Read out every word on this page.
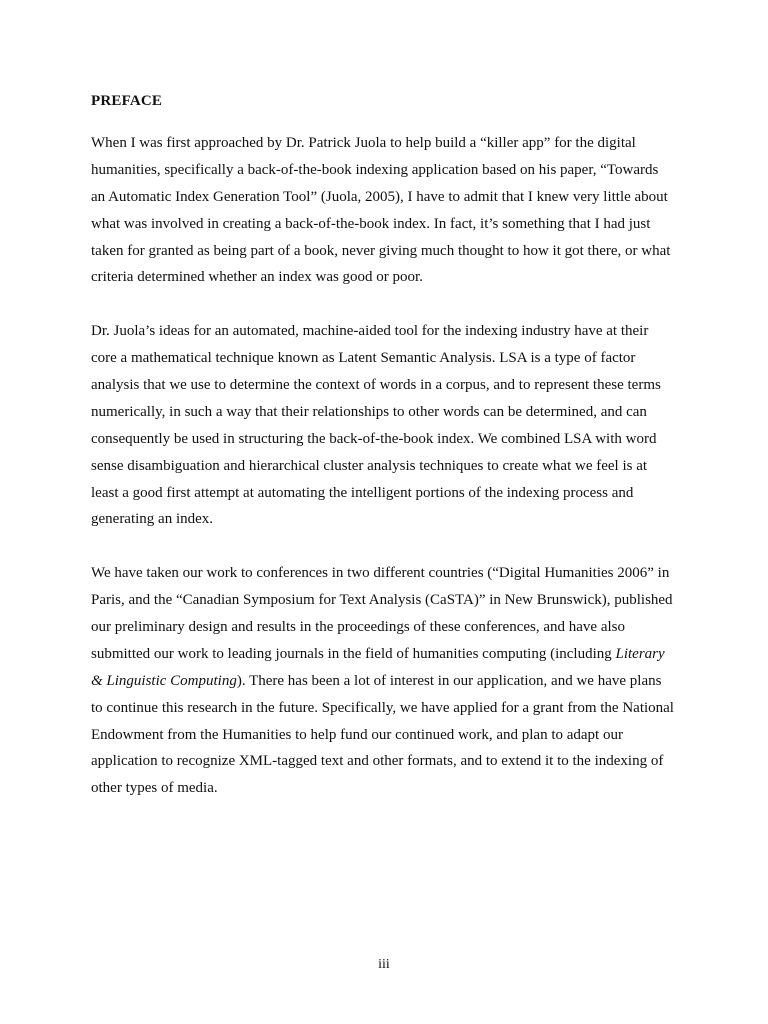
PREFACE
When I was first approached by Dr. Patrick Juola to help build a “killer app” for the digital
humanities, specifically a back-of-the-book indexing application based on his paper, “Towards
an Automatic Index Generation Tool” (Juola, 2005), I have to admit that I knew very little about
what was involved in creating a back-of-the-book index. In fact, it’s something that I had just
taken for granted as being part of a book, never giving much thought to how it got there, or what
criteria determined whether an index was good or poor.
Dr. Juola’s ideas for an automated, machine-aided tool for the indexing industry have at their
core a mathematical technique known as Latent Semantic Analysis. LSA is a type of factor
analysis that we use to determine the context of words in a corpus, and to represent these terms
numerically, in such a way that their relationships to other words can be determined, and can
consequently be used in structuring the back-of-the-book index. We combined LSA with word
sense disambiguation and hierarchical cluster analysis techniques to create what we feel is at
least a good first attempt at automating the intelligent portions of the indexing process and
generating an index.
We have taken our work to conferences in two different countries (“Digital Humanities 2006” in
Paris, and the “Canadian Symposium for Text Analysis (CaSTA)” in New Brunswick), published
our preliminary design and results in the proceedings of these conferences, and have also
submitted our work to leading journals in the field of humanities computing (including Literary
& Linguistic Computing). There has been a lot of interest in our application, and we have plans
to continue this research in the future. Specifically, we have applied for a grant from the National
Endowment from the Humanities to help fund our continued work, and plan to adapt our
application to recognize XML-tagged text and other formats, and to extend it to the indexing of
other types of media.
iii
